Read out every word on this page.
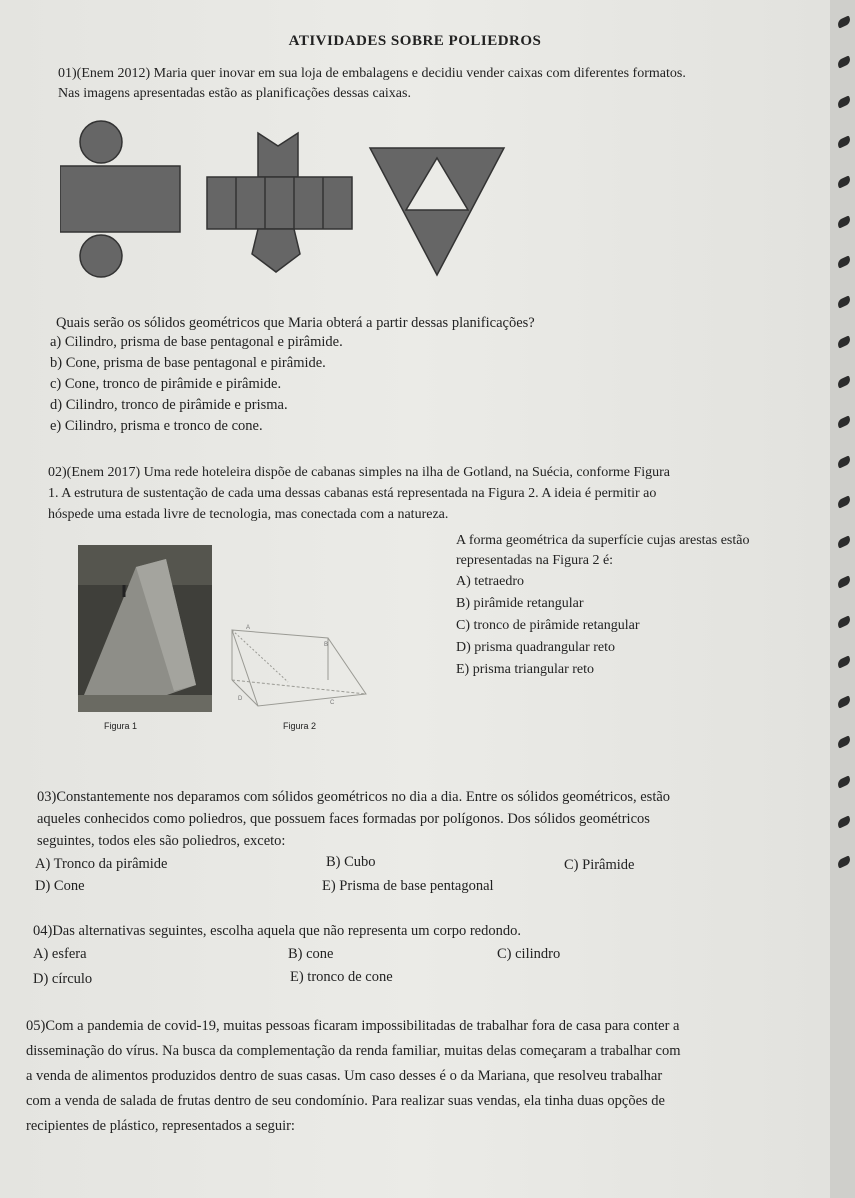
ATIVIDADES SOBRE POLIEDROS
01)(Enem 2012) Maria quer inovar em sua loja de embalagens e decidiu vender caixas com diferentes formatos.
Nas imagens apresentadas estão as planificações dessas caixas.
Quais serão os sólidos geométricos que Maria obterá a partir dessas planificações?
a) Cilindro, prisma de base pentagonal e pirâmide.
b) Cone, prisma de base pentagonal e pirâmide.
c) Cone, tronco de pirâmide e pirâmide.
d) Cilindro, tronco de pirâmide e prisma.
e) Cilindro, prisma e tronco de cone.
02)(Enem 2017) Uma rede hoteleira dispõe de cabanas simples na ilha de Gotland, na Suécia, conforme Figura
1. A estrutura de sustentação de cada uma dessas cabanas está representada na Figura 2. A ideia é permitir ao
hóspede uma estada livre de tecnologia, mas conectada com a natureza.
Figura 1
A
B
C
D
Figura 2
A forma geométrica da superfície cujas arestas estão
representadas na Figura 2 é:
A) tetraedro
B) pirâmide retangular
C) tronco de pirâmide retangular
D) prisma quadrangular reto
E) prisma triangular reto
03)Constantemente nos deparamos com sólidos geométricos no dia a dia. Entre os sólidos geométricos, estão
aqueles conhecidos como poliedros, que possuem faces formadas por polígonos. Dos sólidos geométricos
seguintes, todos eles são poliedros, exceto:
A) Tronco da pirâmide	B) Cubo	C) Pirâmide
D) Cone	E) Prisma de base pentagonal
04)Das alternativas seguintes, escolha aquela que não representa um corpo redondo.
A) esfera	B) cone	C) cilindro
D) círculo	E) tronco de cone
05)Com a pandemia de covid-19, muitas pessoas ficaram impossibilitadas de trabalhar fora de casa para conter a
disseminação do vírus. Na busca da complementação da renda familiar, muitas delas começaram a trabalhar com
a venda de alimentos produzidos dentro de suas casas. Um caso desses é o da Mariana, que resolveu trabalhar
com a venda de salada de frutas dentro de seu condomínio. Para realizar suas vendas, ela tinha duas opções de
recipientes de plástico, representados a seguir:
